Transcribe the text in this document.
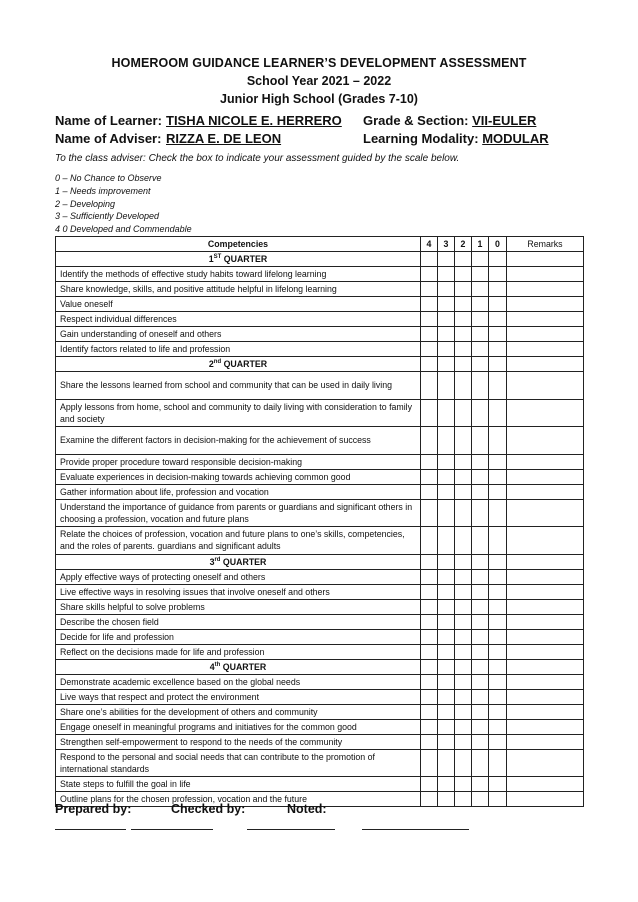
HOMEROOM GUIDANCE LEARNER’S DEVELOPMENT ASSESSMENT
School Year 2021 – 2022
Junior High School (Grades 7-10)
Name of Learner: TISHA NICOLE E. HERRERO Grade & Section: VII-EULER
Name of Adviser: RIZZA E. DE LEON	Learning Modality: MODULAR
To the class adviser: Check the box to indicate your assessment guided by the scale below.
0 – No Chance to Observe
1 – Needs improvement
2 – Developing
3 – Sufficiently Developed
4 0 Developed and Commendable
Competencies	4	3	2	1	0	Remarks
1ST QUARTER						
Identify the methods of effective study habits toward lifelong learning						
Share knowledge, skills, and positive attitude helpful in lifelong learning						
Value oneself						
Respect individual differences						
Gain understanding of oneself and others						
Identify factors related to life and profession						
2nd QUARTER						
Share the lessons learned from school and community that can be used in daily living						
Apply lessons from home, school and community to daily living with consideration to family and society						
Examine the different factors in decision-making for the achievement of success						
Provide proper procedure toward responsible decision-making						
Evaluate experiences in decision-making towards achieving common good						
Gather information about life, profession and vocation						
Understand the importance of guidance from parents or guardians and significant others in choosing a profession, vocation and future plans						
Relate the choices of profession, vocation and future plans to one’s skills, competencies, and the roles of parents. guardians and significant adults						
3rd QUARTER						
Apply effective ways of protecting oneself and others						
Live effective ways in resolving issues that involve oneself and others						
Share skills helpful to solve problems						
Describe the chosen field						
Decide for life and profession						
Reflect on the decisions made for life and profession						
4th QUARTER						
Demonstrate academic excellence based on the global needs						
Live ways that respect and protect the environment						
Share one’s abilities for the development of others and community						
Engage oneself in meaningful programs and initiatives for the common good						
Strengthen self-empowerment to respond to the needs of the community						
Respond to the personal and social needs that can contribute to the promotion of international standards						
State steps to fulfill the goal in life						
Outline plans for the chosen profession, vocation and the future						
Prepared by:	Checked by:	Noted:
